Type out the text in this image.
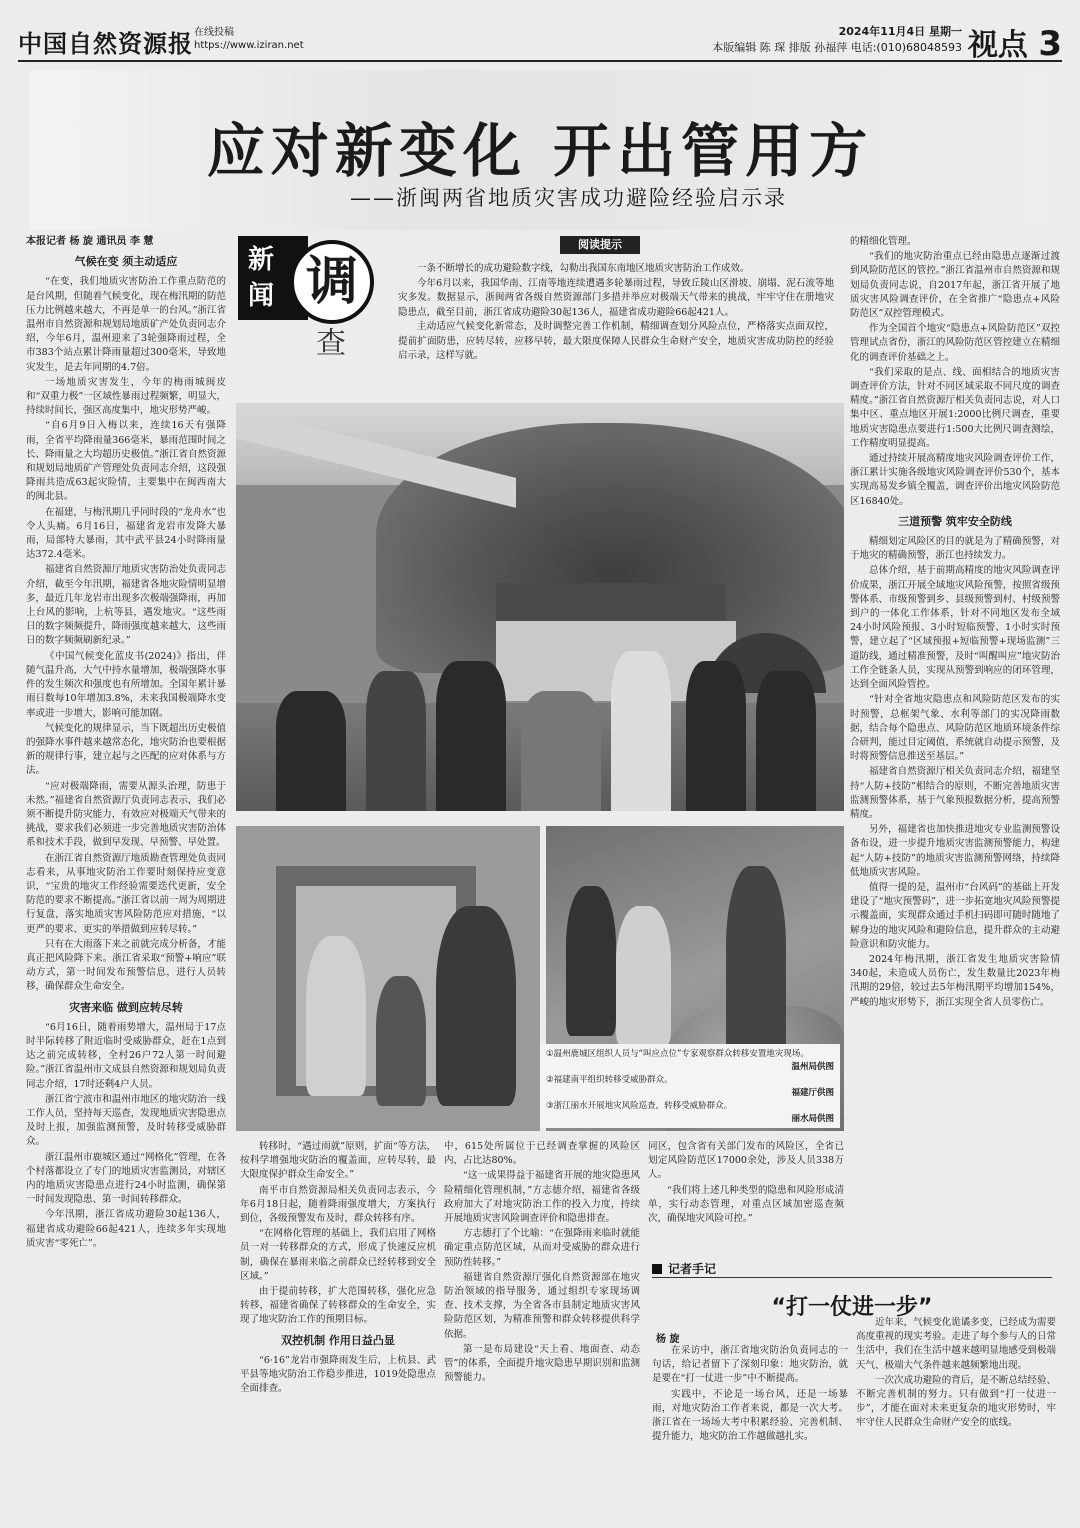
中国自然资源报 在线投稿
https://www.iziran.net
2024年11月4日 星期一
本版编辑 陈 琛 排版 孙福萍 电话:(010)68048593 视点 3
应对新变化 开出管用方
——浙闽两省地质灾害成功避险经验启示录

本报记者 杨 旋 通讯员 李 慧

气候在变 须主动适应

“在变，我们地质灾害防治工作重点防范的是台风期，但随着气候变化，现在梅汛期的防范压力比例越来越大，不再是单一的台风。”浙江省温州市自然资源和规划局地质矿产处负责同志介绍，今年6月，温州迎来了3轮强降雨过程，全市383个站点累计降雨量超过300毫米，导致地灾发生，是去年同期的4.7倍。

一场地质灾害发生，今年的梅雨城闽皮和“双重力极”一区域性暴雨过程频繁，明显大，持续时间长，强区高度集中，地灾形势严峻。

“自6月9日入梅以来，连续16天有强降雨，全省平均降雨量366毫米，暴雨范围时间之长、降雨量之大均超历史极值。”浙江省自然资源和规划局地质矿产管理处负责同志介绍，这段强降雨共造成63起灾险情，主要集中在闽西南大的闽北县。

在福建，与梅汛期几乎同时段的“龙舟水”也令人头痛。6月16日，福建省龙岩市发降大暴雨，局部特大暴雨，其中武平县24小时降雨量达372.4毫米。

福建省自然资源厅地质灾害防治处负责同志介绍，截至今年汛期，福建省各地灾险情明显增多，最近几年龙岩市出现多次极端强降雨，再加上台风的影响，上杭等县，遇发地灾。“这些雨日的数字频频提升，降雨强度越来越大，这些雨日的数字频频刷新纪录。”

《中国气候变化蓝皮书(2024)》指出，伴随气温升高，大气中持水量增加，极端强降水事件的发生频次和强度也有所增加。全国年累计暴雨日数每10年增加3.8%，未来我国极端降水变率或进一步增大，影响可能加剧。

气候变化的规律显示，当下既超出历史极值的强降水事件越来越常态化，地灾防治也要根据新的规律行事，建立起与之匹配的应对体系与方法。

“应对极端降雨，需要从源头治理，防患于未然。”福建省自然资源厅负责同志表示，我们必须不断提升防灾能力，有效应对极端天气带来的挑战，要求我们必须进一步完善地质灾害防治体系和技术手段，做到早发现、早预警、早处置。

在浙江省自然资源厅地质勘查管理处负责同志看来，从事地灾防治工作要时刻保持应变意识，“宝贵的地灾工作经验需要迭代更新，安全防范的要求不断提高。”浙江省以前一周为周期进行复盘，落实地质灾害风险防范应对措施，“以更严的要求、更实的举措做到应转尽转。”

只有在大雨落下来之前就完成分析备，才能真正把风险降下来。浙江省采取“预警+响应”联动方式，第一时间发布预警信息，进行人员转移，确保群众生命安全。

灾害来临 做到应转尽转

“6月16日，随着雨势增大，温州局于17点时半际转移了附近临时受威胁群众，赶在1点到达之前完成转移，全村26户72人第一时间避险。”浙江省温州市文成县自然资源和规划局负责同志介绍，17时还剩4户人员。

浙江省宁波市和温州市地区的地灾防治一线工作人员，坚持每天巡查，发现地质灾害隐患点及时上报，加强监测预警，及时转移受威胁群众。

浙江温州市鹿城区通过“网格化”管理，在各个村落都设立了专门的地质灾害监测员，对辖区内的地质灾害隐患点进行24小时监测，确保第一时间发现隐患、第一时间转移群众。

今年汛期，浙江省成功避险30起136人，福建省成功避险66起421人，连续多年实现地质灾害“零死亡”。

新
闻 调
查
阅读提示

一条不断增长的成功避险数字线，勾勒出我国东南地区地质灾害防治工作成效。

今年6月以来，我国华南、江南等地连续遭遇多轮暴雨过程，导致丘陵山区滑坡、崩塌、泥石流等地灾多发。数据显示，浙闽两省各级自然资源部门多措并举应对极端天气带来的挑战，牢牢守住在册地灾隐患点，截至目前，浙江省成功避险30起136人，福建省成功避险66起421人。

主动适应气候变化新常态，及时调整完善工作机制，精细调查划分风险点位，严格落实点面双控，提前扩面防患，应转尽转，应移早转，最大限度保障人民群众生命财产安全，地质灾害成功防控的经验启示录，这样写就。

①温州鹿城区组织人员与“叫应点位”专家观察群众转移安置地灾现场。
温州局供图
②福建南平组织转移受威胁群众。
福建厅供图
③浙江丽水开展地灾风险巡查，转移受威胁群众。
丽水局供图

的精细化管理。

“我们的地灾防治重点已经由隐患点逐渐过渡到风险防范区的管控。”浙江省温州市自然资源和规划局负责同志说，自2017年起，浙江省开展了地质灾害风险调查评价，在全省推广“隐患点+风险防范区”双控管理模式。

作为全国首个地灾“隐患点+风险防范区”双控管理试点省份，浙江的风险防范区管控建立在精细化的调查评价基础之上。

“我们采取的是点、线、面相结合的地质灾害调查评价方法，针对不同区域采取不同尺度的调查精度。”浙江省自然资源厅相关负责同志说，对人口集中区、重点地区开展1:2000比例尺调查，重要地质灾害隐患点要进行1:500大比例尺调查测绘，工作精度明显提高。

通过持续开展高精度地灾风险调查评价工作，浙江累计实施各级地灾风险调查评价530个，基本实现高易发乡镇全覆盖，调查评价出地灾风险防范区16840处。

三道预警 筑牢安全防线

精细划定风险区的目的就是为了精确预警，对于地灾的精确预警，浙江也持续发力。

总体介绍，基于前期高精度的地灾风险调查评价成果，浙江开展全域地灾风险预警，按照省级预警体系、市级预警到乡、县级预警到村、村级预警到户的一体化工作体系，针对不同地区发布全域24小时风险预报、3小时短临预警、1小时实时预警，建立起了“区域预报+短临预警+现场监测”三道防线，通过精准预警，及时“叫醒叫应”地灾防治工作全链条人员，实现从预警到响应的闭环管理，达到全面风险管控。

“针对全省地灾隐患点和风险防范区发布的实时预警，总框架气象、水利等部门的实况降雨数据，结合每个隐患点、风险防范区地质环境条件综合研判，能过目定阈值，系统就自动提示预警，及时将预警信息推送至基层。”

福建省自然资源厅相关负责同志介绍，福建坚持“人防+技防”相结合的原则，不断完善地质灾害监测预警体系，基于气象预报数据分析，提高预警精度。

另外，福建省也加快推进地灾专业监测预警设备布设，进一步提升地质灾害监测预警能力，构建起“人防+技防”的地质灾害监测预警网络，持续降低地质灾害风险。

值得一提的是，温州市“台风码”的基础上开发建设了“地灾预警码”，进一步拓宽地灾风险预警提示覆盖面，实现群众通过手机扫码即可随时随地了解身边的地灾风险和避险信息，提升群众的主动避险意识和防灾能力。

2024年梅汛期，浙江省发生地质灾害险情340起，未造成人员伤亡，发生数量比2023年梅汛期的29倍，较过去5年梅汛期平均增加154%，严峻的地灾形势下，浙江实现全省人员零伤亡。

转移时，“遇过雨就”原则，扩面“等方法，按科学增强地灾防治的覆盖面，应转尽转，最大限度保护群众生命安全。”

南平市自然资源局相关负责同志表示，今年6月18日起，随着降雨强度增大，方案执行到位，各级预警发布及时，群众转移有序。

“在网格化管理的基础上，我们启用了网格员一对一转移群众的方式，形成了快速反应机制，确保在暴雨来临之前群众已经转移到安全区域。”

由于提前转移，扩大范围转移，强化应急转移，福建省确保了转移群众的生命安全，实现了地灾防治工作的预期目标。

双控机制 作用日益凸显

“6·16”龙岩市强降雨发生后，上杭县、武平县等地灾防治工作稳步推进，1019处隐患点全面排查。

中，615处所属位于已经调查掌握的风险区内，占比达80%。

“这一成果得益于福建省开展的地灾隐患风险精细化管理机制，”方志德介绍，福建省各级政府加大了对地灾防治工作的投入力度，持续开展地质灾害风险调查评价和隐患排查。

方志德打了个比喻：“在强降雨来临时就能确定重点防范区域，从而对受威胁的群众进行预防性转移。”

福建省自然资源厅强化自然资源部在地灾防治领域的指导服务，通过组织专家现场调查、技术支撑，为全省各市县制定地质灾害风险防范区划，为精准预警和群众转移提供科学依据。

第一是布局建设“天上看、地面查、动态管”的体系，全面提升地灾隐患早期识别和监测预警能力。

同区，包含省有关部门发布的风险区，全省已划定风险防范区17000余处，涉及人员338万人。

“我们将上述几种类型的隐患和风险形成清单，实行动态管理，对重点区域加密巡查频次，确保地灾风险可控。”

记者手记
“打一仗进一步”
杨 旋

在采访中，浙江省地灾防治负责同志的一句话，给记者留下了深刻印象：地灾防治，就是要在“打一仗进一步”中不断提高。

实践中，不论是一场台风，还是一场暴雨，对地灾防治工作者来说，都是一次大考。浙江省在一场场大考中积累经验、完善机制、提升能力，地灾防治工作越做越扎实。

近年来，气候变化诡谲多变，已经成为需要高度重视的现实考验。走进了每个参与人的日常生活中，我们在生活中越来越明显地感受到极端天气、极端大气条件越来越频繁地出现。

一次次成功避险的背后，是不断总结经验、不断完善机制的努力。只有做到“打一仗进一步”，才能在面对未来更复杂的地灾形势时，牢牢守住人民群众生命财产安全的底线。
